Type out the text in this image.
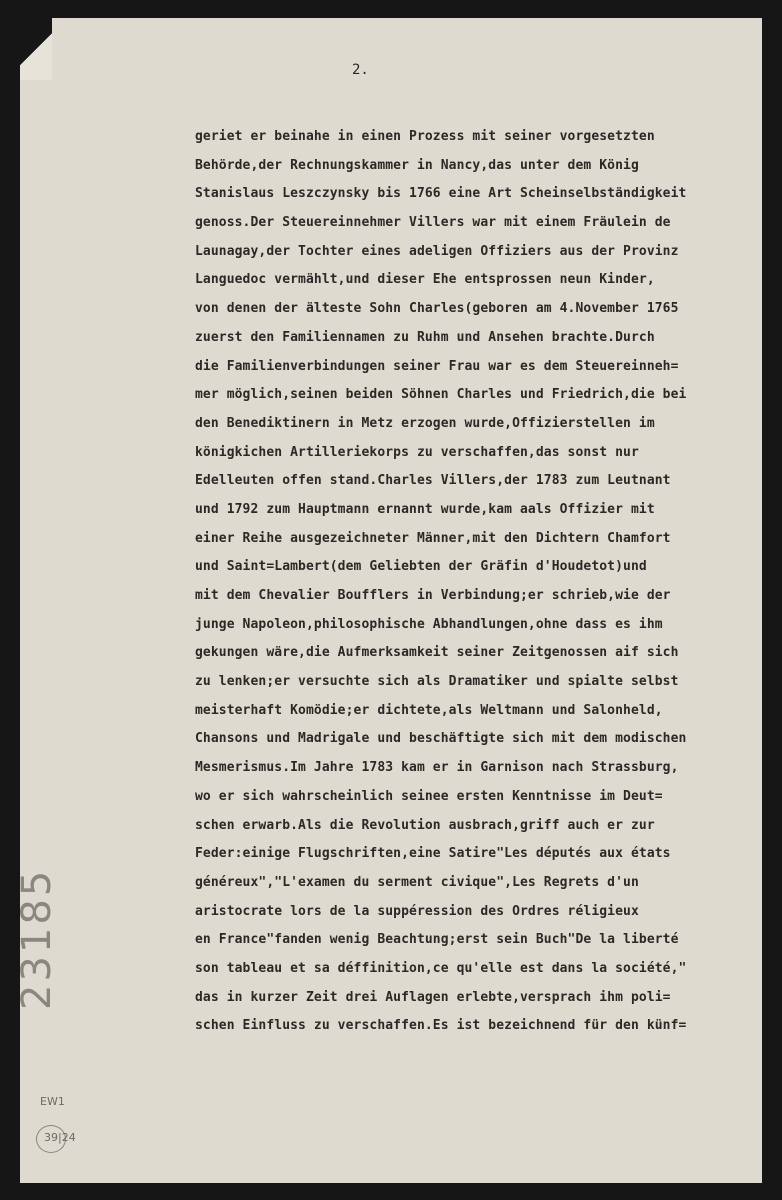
2.
geriet er beinahe in einen Prozess mit seiner vorgesetzten
Behörde,der Rechnungskammer in Nancy,das unter dem König
Stanislaus Leszczynsky bis 1766 eine Art Scheinselbständigkeit
genoss.Der Steuereinnehmer Villers war mit einem Fräulein de
Launagay,der Tochter eines adeligen Offiziers aus der Provinz
Languedoc vermählt,und dieser Ehe entsprossen neun Kinder,
von denen der älteste Sohn Charles(geboren am 4.November 1765
zuerst den Familiennamen zu Ruhm und Ansehen brachte.Durch
die Familienverbindungen seiner Frau war es dem Steuereinneh=
mer möglich,seinen beiden Söhnen Charles und Friedrich,die bei
den Benediktinern in Metz erzogen wurde,Offizierstellen im
königkichen Artilleriekorps zu verschaffen,das sonst nur
Edelleuten offen stand.Charles Villers,der 1783 zum Leutnant
und 1792 zum Hauptmann ernannt wurde,kam aals Offizier mit
einer Reihe ausgezeichneter Männer,mit den Dichtern Chamfort
und Saint=Lambert(dem Geliebten der Gräfin d'Houdetot)und
mit dem Chevalier Boufflers in Verbindung;er schrieb,wie der
junge Napoleon,philosophische Abhandlungen,ohne dass es ihm
gekungen wäre,die Aufmerksamkeit seiner Zeitgenossen aif sich
zu lenken;er versuchte sich als Dramatiker und spialte selbst
meisterhaft Komödie;er dichtete,als Weltmann und Salonheld,
Chansons und Madrigale und beschäftigte sich mit dem modischen
Mesmerismus.Im Jahre 1783 kam er in Garnison nach Strassburg,
wo er sich wahrscheinlich seinee ersten Kenntnisse im Deut=
schen erwarb.Als die Revolution ausbrach,griff auch er zur
Feder:einige Flugschriften,eine Satire"Les députés aux états
généreux","L'examen du serment civique",Les Regrets d'un
aristocrate lors de la suppéression des Ordres réligieux
en France"fanden wenig Beachtung;erst sein Buch"De la liberté
son tableau et sa déffinition,ce qu'elle est dans la société,"
das in kurzer Zeit drei Auflagen erlebte,versprach ihm poli=
schen Einfluss zu verschaffen.Es ist bezeichnend für den künf=
23185
EW1
39|24
